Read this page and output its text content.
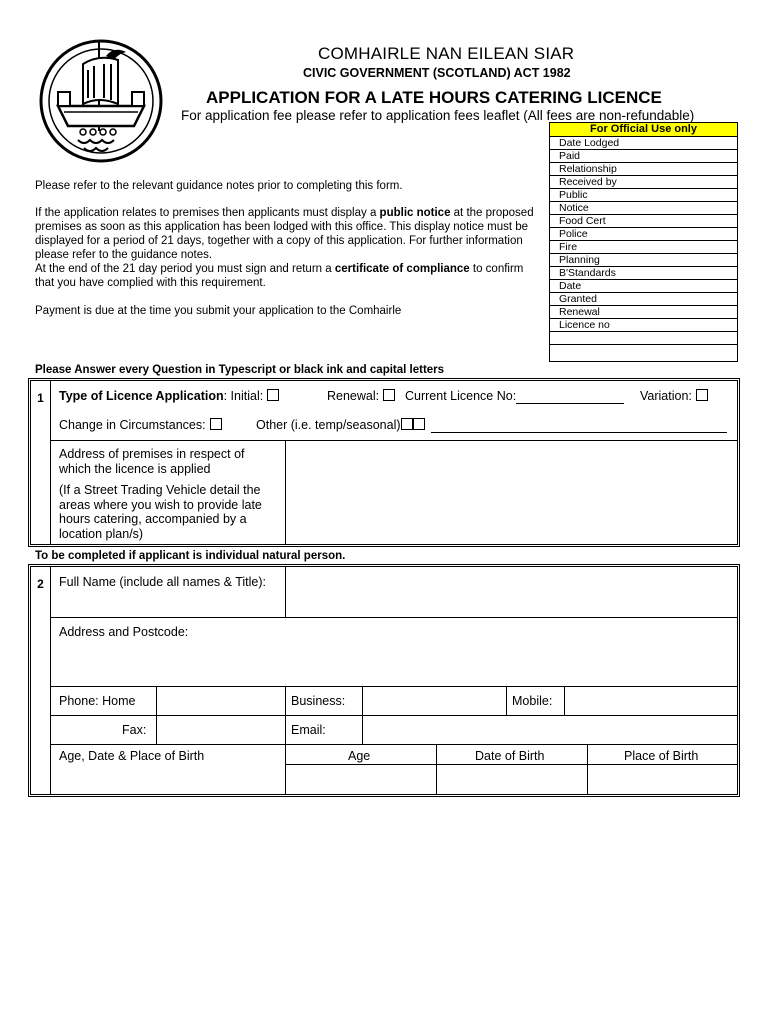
COMHAIRLE NAN EILEAN SIAR
CIVIC GOVERNMENT (SCOTLAND) ACT 1982
APPLICATION FOR A LATE HOURS CATERING LICENCE
For application fee please refer to application fees leaflet (All fees are non-refundable)
For Official Use only
Date Lodged
Paid
Relationship
Received by
Public
Notice
Food Cert
Police
Fire
Planning
B'Standards
Date
Granted
Renewal
Licence no

Please refer to the relevant guidance notes prior to completing this form.

If the application relates to premises then applicants must display a public notice at the proposed premises as soon as this application has been lodged with this office. This display notice must be displayed for a period of 21 days, together with a copy of this application. For further information please refer to the guidance notes.

At the end of the 21 day period you must sign and return a certificate of compliance to confirm that you have complied with this requirement.

Payment is due at the time you submit your application to the Comhairle

Please Answer every Question in Typescript or black ink and capital letters
1	Type of Licence Application: Initial:	Renewal:	Current Licence No:	Variation:
Change in Circumstances:	Other (i.e. temp/seasonal)
Address of premises in respect of which the licence is applied
(If a Street Trading Vehicle detail the areas where you wish to provide late hours catering, accompanied by a location plan/s)
To be completed if applicant is individual natural person.
2	Full Name (include all names & Title):
Address and Postcode:
Phone: Home	Business:	Mobile:
Fax:	Email:
Age, Date & Place of Birth	Age	Date of Birth	Place of Birth
